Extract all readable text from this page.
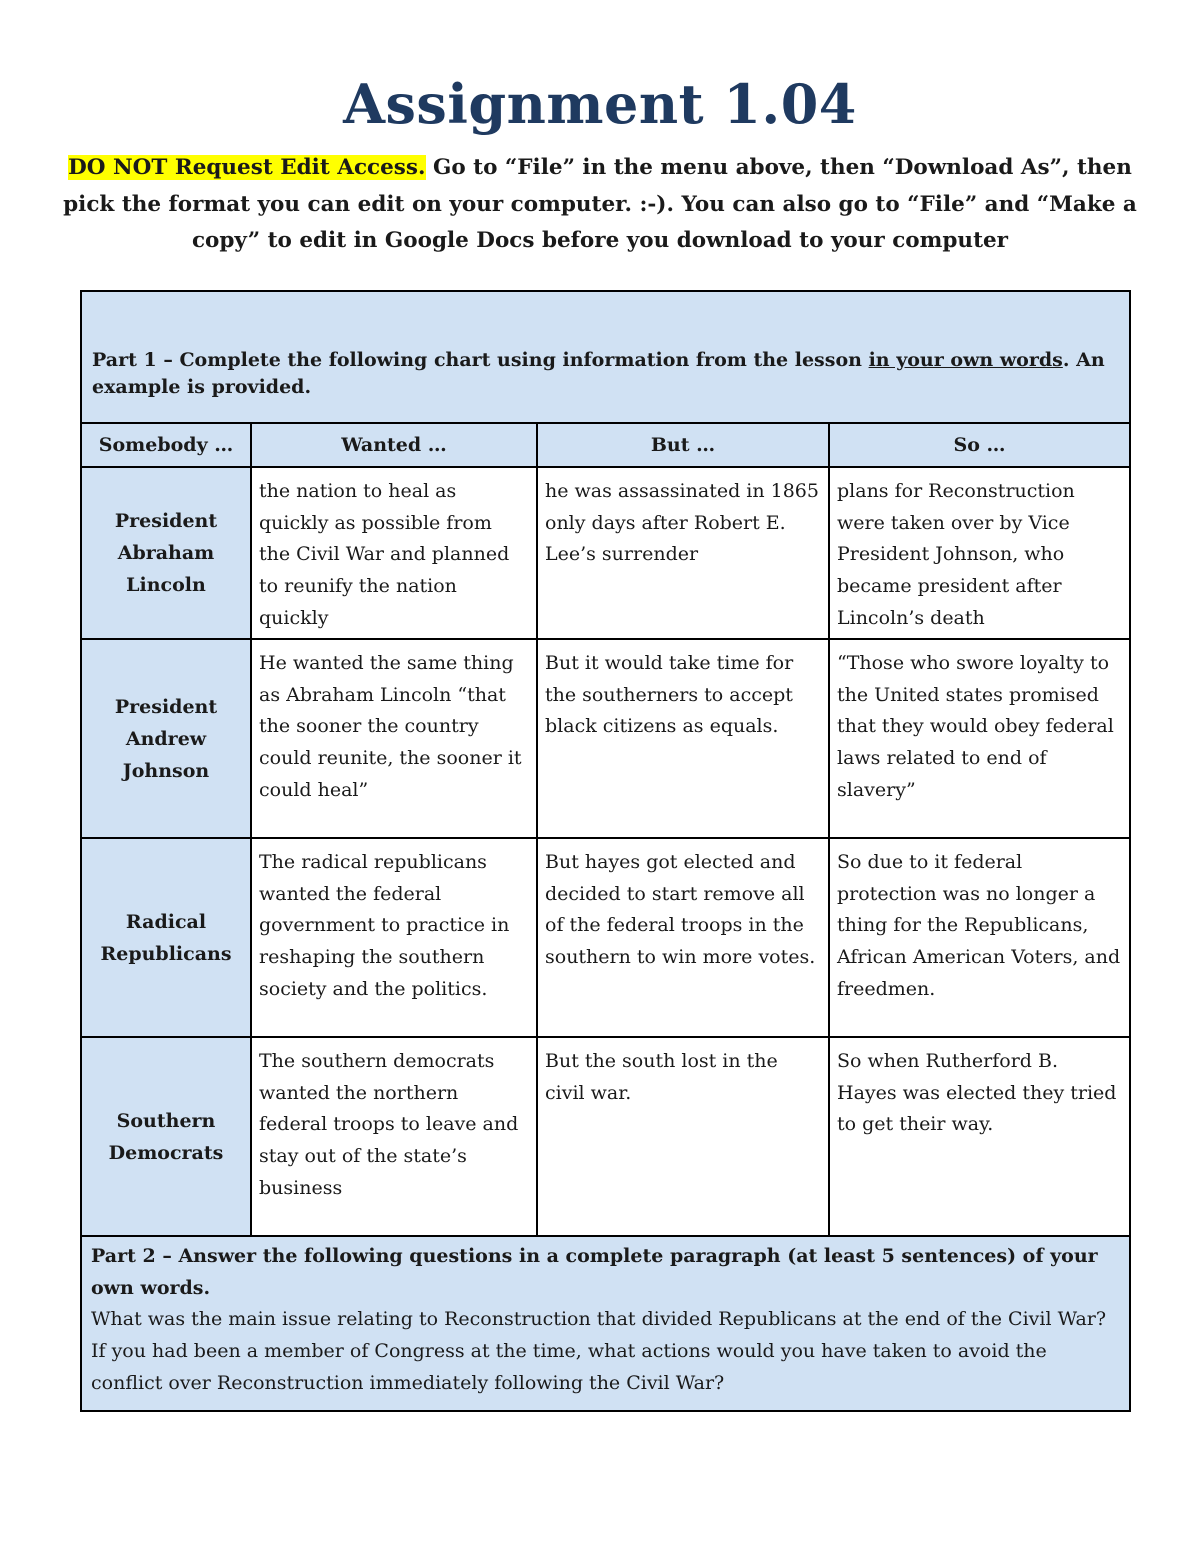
Assignment 1.04
DO NOT Request Edit Access. Go to “File” in the menu above, then “Download As”, then pick the format you can edit on your computer. :-). You can also go to “File” and “Make a copy” to edit in Google Docs before you download to your computer
Part 1 – Complete the following chart using information from the lesson in your own words. An example is provided.			

Somebody …	Wanted …	But …	So …
President Abraham Lincoln	the nation to heal as quickly as possible from the Civil War and planned to reunify the nation quickly	he was assassinated in 1865 only days after Robert E. Lee’s surrender	plans for Reconstruction were taken over by Vice President Johnson, who became president after Lincoln’s death
President Andrew Johnson	He wanted the same thing as Abraham Lincoln “that the sooner the country could reunite, the sooner it could heal”	But it would take time for the southerners to accept black citizens as equals.	“Those who swore loyalty to the United states promised that they would obey federal laws related to end of slavery”
Radical Republicans	The radical republicans wanted the federal government to practice in reshaping the southern society and the politics.	But hayes got elected and decided to start remove all of the federal troops in the southern to win more votes.	So due to it federal protection was no longer a thing for the Republicans, African American Voters, and freedmen.
Southern Democrats	The southern democrats wanted the northern federal troops to leave and stay out of the state’s business	But the south lost in the civil war.	So when Rutherford B. Hayes was elected they tried to get their way.

Part 2 – Answer the following questions in a complete paragraph (at least 5 sentences) of your own words.
What was the main issue relating to Reconstruction that divided Republicans at the end of the Civil War? If you had been a member of Congress at the time, what actions would you have taken to avoid the conflict over Reconstruction immediately following the Civil War?			
